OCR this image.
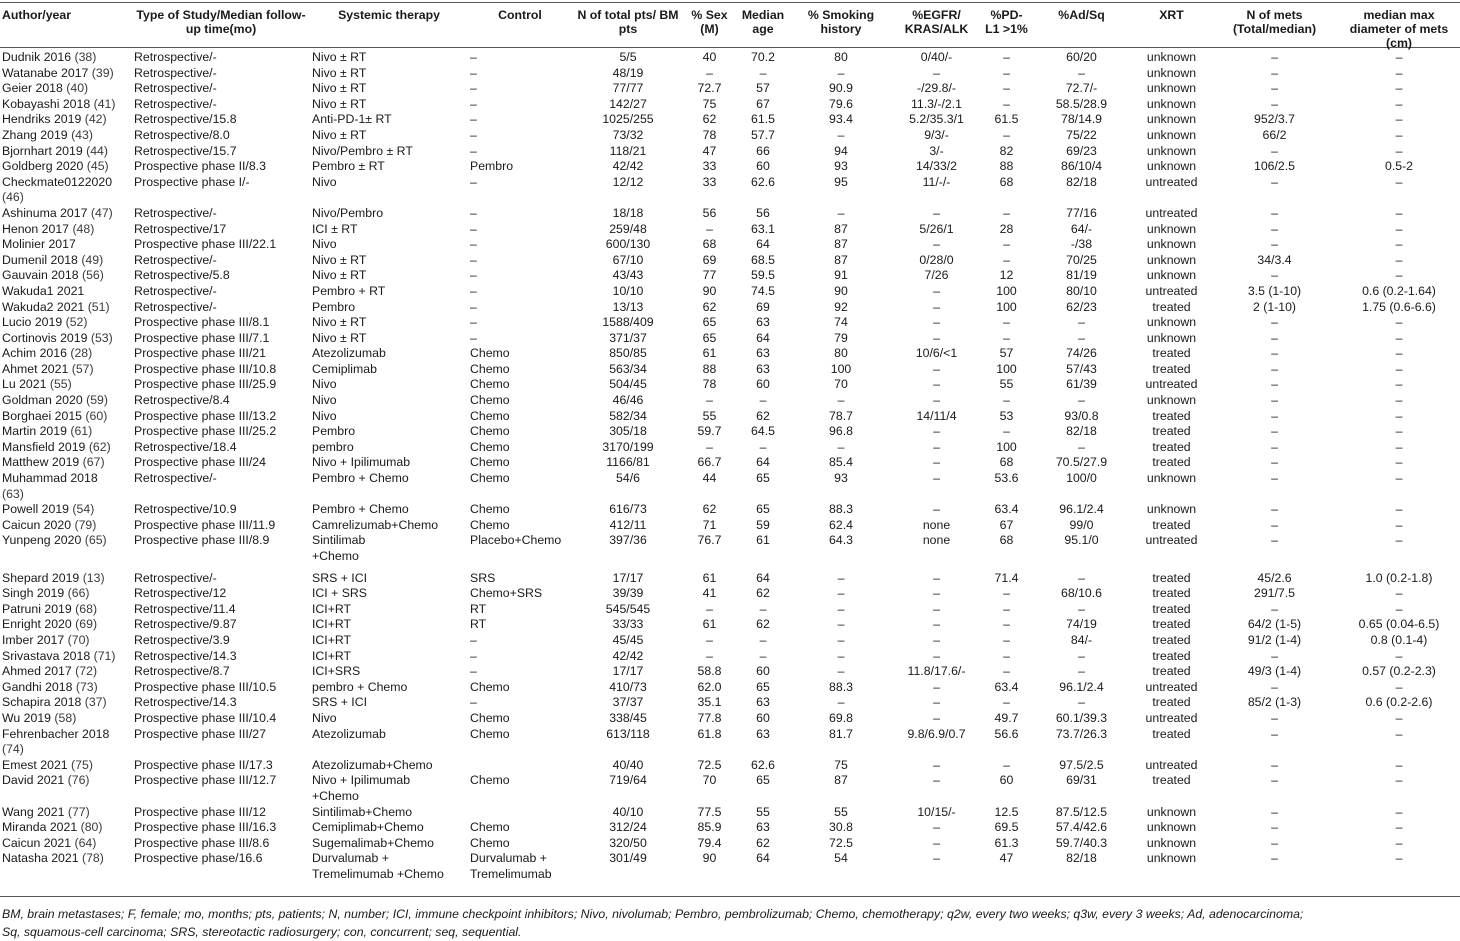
Author/year	Type of Study/Median follow-up time(mo)	Systemic therapy	Control	N of total pts/ BM pts	% Sex (M)	Median age	% Smoking history	%EGFR/ KRAS/ALK	%PD-L1 >1%	%Ad/Sq	XRT	N of mets (Total/median)	median max diameter of mets (cm)
Dudnik 2016 (38)	Retrospective/-	Nivo ± RT	–	5/5	40	70.2	80	0/40/-	–	60/20	unknown	–	–
Watanabe 2017 (39)	Retrospective/-	Nivo ± RT	–	48/19	–	–	–	–	–	–	unknown	–	–
Geier 2018 (40)	Retrospective/-	Nivo ± RT	–	77/77	72.7	57	90.9	-/29.8/-	–	72.7/-	unknown	–	–
Kobayashi 2018 (41)	Retrospective/-	Nivo ± RT	–	142/27	75	67	79.6	11.3/-/2.1	–	58.5/28.9	unknown	–	–
Hendriks 2019 (42)	Retrospective/15.8	Anti-PD-1± RT	–	1025/255	62	61.5	93.4	5.2/35.3/1	61.5	78/14.9	unknown	952/3.7	–
Zhang 2019 (43)	Retrospective/8.0	Nivo ± RT	–	73/32	78	57.7	–	9/3/-	–	75/22	unknown	66/2	–
Bjornhart 2019 (44)	Retrospective/15.7	Nivo/Pembro ± RT	–	118/21	47	66	94	3/-	82	69/23	unknown	–	–
Goldberg 2020 (45)	Prospective phase II/8.3	Pembro ± RT	Pembro	42/42	33	60	93	14/33/2	88	86/10/4	unknown	106/2.5	0.5-2
Checkmate0122020
(46)	Prospective phase I/-	Nivo	–	12/12	33	62.6	95	11/-/-	68	82/18	untreated	–	–
Ashinuma 2017 (47)	Retrospective/-	Nivo/Pembro	–	18/18	56	56	–	–	–	77/16	untreated	–	–
Henon 2017 (48)	Retrospective/17	ICI ± RT	–	259/48	–	63.1	87	5/26/1	28	64/-	unknown	–	–
Molinier 2017	Prospective phase III/22.1	Nivo	–	600/130	68	64	87	–	–	-/38	unknown	–	–
Dumenil 2018 (49)	Retrospective/-	Nivo ± RT	–	67/10	69	68.5	87	0/28/0	–	70/25	unknown	34/3.4	–
Gauvain 2018 (56)	Retrospective/5.8	Nivo ± RT	–	43/43	77	59.5	91	7/26	12	81/19	unknown	–	–
Wakuda1 2021	Retrospective/-	Pembro + RT	–	10/10	90	74.5	90	–	100	80/10	untreated	3.5 (1-10)	0.6 (0.2-1.64)
Wakuda2 2021 (51)	Retrospective/-	Pembro	–	13/13	62	69	92	–	100	62/23	treated	2 (1-10)	1.75 (0.6-6.6)
Lucio 2019 (52)	Prospective phase III/8.1	Nivo ± RT	–	1588/409	65	63	74	–	–	–	unknown	–	–
Cortinovis 2019 (53)	Prospective phase III/7.1	Nivo ± RT	–	371/37	65	64	79	–	–	–	unknown	–	–
Achim 2016 (28)	Prospective phase III/21	Atezolizumab	Chemo	850/85	61	63	80	10/6/<1	57	74/26	treated	–	–
Ahmet 2021 (57)	Prospective phase III/10.8	Cemiplimab	Chemo	563/34	88	63	100	–	100	57/43	treated	–	–
Lu 2021 (55)	Prospective phase III/25.9	Nivo	Chemo	504/45	78	60	70	–	55	61/39	untreated	–	–
Goldman 2020 (59)	Retrospective/8.4	Nivo	Chemo	46/46	–	–	–	–	–	–	unknown	–	–
Borghaei 2015 (60)	Prospective phase III/13.2	Nivo	Chemo	582/34	55	62	78.7	14/11/4	53	93/0.8	treated	–	–
Martin 2019 (61)	Prospective phase III/25.2	Pembro	Chemo	305/18	59.7	64.5	96.8	–	–	82/18	treated	–	–
Mansfield 2019 (62)	Retrospective/18.4	pembro	Chemo	3170/199	–	–	–	–	100	–	treated	–	–
Matthew 2019 (67)	Prospective phase III/24	Nivo + Ipilimumab	Chemo	1166/81	66.7	64	85.4	–	68	70.5/27.9	treated	–	–
Muhammad 2018
(63)	Retrospective/-	Pembro + Chemo	Chemo	54/6	44	65	93	–	53.6	100/0	unknown	–	–
Powell 2019 (54)	Retrospective/10.9	Pembro + Chemo	Chemo	616/73	62	65	88.3	–	63.4	96.1/2.4	unknown	–	–
Caicun 2020 (79)	Prospective phase III/11.9	Camrelizumab+Chemo	Chemo	412/11	71	59	62.4	none	67	99/0	treated	–	–
Yunpeng 2020 (65)	Prospective phase III/8.9	Sintilimab
+Chemo	Placebo+Chemo	397/36	76.7	61	64.3	none	68	95.1/0	untreated	–	–
Shepard 2019 (13)	Retrospective/-	SRS + ICI	SRS	17/17	61	64	–	–	71.4	–	treated	45/2.6	1.0 (0.2-1.8)
Singh 2019 (66)	Retrospective/12	ICI + SRS	Chemo+SRS	39/39	41	62	–	–	–	68/10.6	treated	291/7.5	–
Patruni 2019 (68)	Retrospective/11.4	ICI+RT	RT	545/545	–	–	–	–	–	–	treated	–	–
Enright 2020 (69)	Retrospective/9.87	ICI+RT	RT	33/33	61	62	–	–	–	74/19	treated	64/2 (1-5)	0.65 (0.04-6.5)
Imber 2017 (70)	Retrospective/3.9	ICI+RT	–	45/45	–	–	–	–	–	84/-	treated	91/2 (1-4)	0.8 (0.1-4)
Srivastava 2018 (71)	Retrospective/14.3	ICI+RT	–	42/42	–	–	–	–	–	–	treated	–	–
Ahmed 2017 (72)	Retrospective/8.7	ICI+SRS	–	17/17	58.8	60	–	11.8/17.6/-	–	–	treated	49/3 (1-4)	0.57 (0.2-2.3)
Gandhi 2018 (73)	Prospective phase III/10.5	pembro + Chemo	Chemo	410/73	62.0	65	88.3	–	63.4	96.1/2.4	untreated	–	–
Schapira 2018 (37)	Retrospective/14.3	SRS + ICI	–	37/37	35.1	63	–	–	–	–	treated	85/2 (1-3)	0.6 (0.2-2.6)
Wu 2019 (58)	Prospective phase III/10.4	Nivo	Chemo	338/45	77.8	60	69.8	–	49.7	60.1/39.3	untreated	–	–
Fehrenbacher 2018
(74)	Prospective phase III/27	Atezolizumab	Chemo	613/118	61.8	63	81.7	9.8/6.9/0.7	56.6	73.7/26.3	treated	–	–
Emest 2021 (75)	Prospective phase II/17.3	Atezolizumab+Chemo		40/40	72.5	62.6	75	–	–	97.5/2.5	untreated	–	–
David 2021 (76)	Prospective phase III/12.7	Nivo + Ipilimumab
+Chemo	Chemo	719/64	70	65	87	–	60	69/31	treated	–	–
Wang 2021 (77)	Prospective phase III/12	Sintilimab+Chemo		40/10	77.5	55	55	10/15/-	12.5	87.5/12.5	unknown	–	–
Miranda 2021 (80)	Prospective phase III/16.3	Cemiplimab+Chemo	Chemo	312/24	85.9	63	30.8	–	69.5	57.4/42.6	unknown	–	–
Caicun 2021 (64)	Prospective phase III/8.6	Sugemalimab+Chemo	Chemo	320/50	79.4	62	72.5	–	61.3	59.7/40.3	unknown	–	–
Natasha 2021 (78)	Prospective phase/16.6	Durvalumab +
Tremelimumab +Chemo	Durvalumab +
Tremelimumab	301/49	90	64	54	–	47	82/18	unknown	–	–

BM, brain metastases; F, female; mo, months; pts, patients; N, number; ICI, immune checkpoint inhibitors; Nivo, nivolumab; Pembro, pembrolizumab; Chemo, chemotherapy; q2w, every two weeks; q3w, every 3 weeks; Ad, adenocarcinoma;

Sq, squamous-cell carcinoma; SRS, stereotactic radiosurgery; con, concurrent; seq, sequential.
